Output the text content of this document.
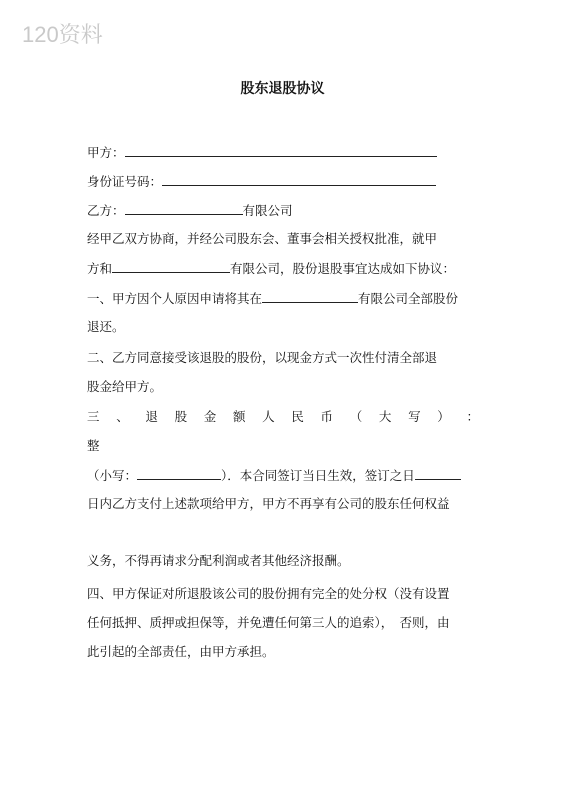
120资料
股东退股协议
甲方：
身份证号码：
乙方：	有限公司
经甲乙双方协商，并经公司股东会、董事会相关授权批准，就甲
方和	有限公司，股份退股事宜达成如下协议：
一、甲方因个人原因申请将其在	有限公司全部股份
退还。
二、乙方同意接受该退股的股份，以现金方式一次性付清全部退
股金给甲方。
三 、 退 股 金 额 人 民 币 （ 大 写 ） ：
整
（小写：	）．本合同签订当日生效，签订之日
日内乙方支付上述款项给甲方，甲方不再享有公司的股东任何权益
义务，不得再请求分配利润或者其他经济报酬。
四、甲方保证对所退股该公司的股份拥有完全的处分权（没有设置
任何抵押、质押或担保等，并免遭任何第三人的追索），　否则，由
此引起的全部责任，由甲方承担。
